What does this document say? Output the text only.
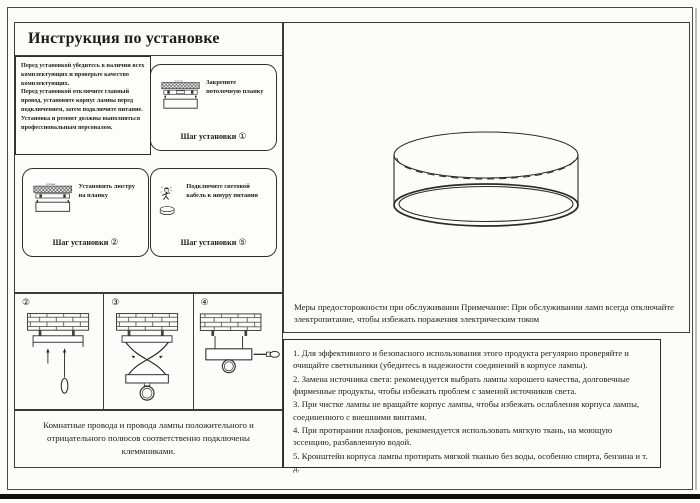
Инструкция по установке

Перед установкой убедитесь в наличии всех комплектующих и проверьте качество комплектующих.

Перед установкой отключите главный провод, установите корпус лампы перед подключением, затем подключите питание. Установка и ремонт должны выполняться профессиональным персоналом.

потолок	Закрепите потолочную планку
Шаг установки ①
потолок	Установить люстру на планку
Шаг установки ②
Подключите световой кабель к шнуру питания
Шаг установки ⑤
②	③	④
Комнатные провода и провода лампы положительного и отрицательного полюсов соответственно подключены клеммниками.
Меры предосторожности при обслуживании Примечание: При обслуживании ламп всегда отключайте электропитание, чтобы избежать поражения электрическим током

1. Для эффективного и безопасного использования этого продукта регулярно проверяйте и очищайте светильники (убедитесь в надежности соединений в корпусе лампы).

2. Замена источника света: рекомендуется выбрать лампы хорошего качества, долговечные фирменные продукты, чтобы избежать проблем с заменой источников света.

3. При чистке лампы не вращайте корпус лампы, чтобы избежать ослабления корпуса лампы, соединенного с внешними винтами.

4. При протирании плафонов, рекомендуется использовать мягкую ткань, на моющую эссенцию, разбавленную водой.

5. Кронштейн корпуса лампы протирать мягкой тканью без воды, особенно спирта, бензина и т. д.
